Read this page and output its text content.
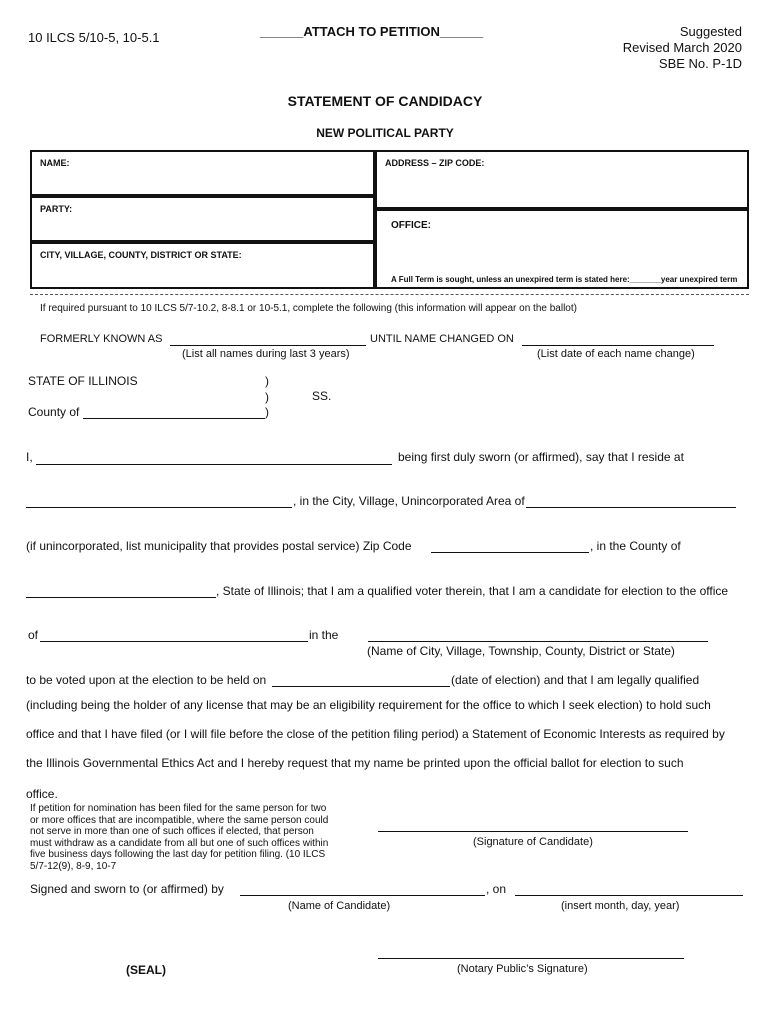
10 ILCS 5/10-5, 10-5.1	______ATTACH TO PETITION______	Suggested
Revised March 2020
SBE No. P-1D
STATEMENT OF CANDIDACY
NEW POLITICAL PARTY
NAME:
PARTY:
CITY, VILLAGE, COUNTY, DISTRICT OR STATE:
ADDRESS – ZIP CODE:
OFFICE:
A Full Term is sought, unless an unexpired term is stated here:_______year unexpired term
If required pursuant to 10 ILCS 5/7-10.2, 8-8.1 or 10-5.1, complete the following (this information will appear on the ballot)
FORMERLY KNOWN AS	UNTIL NAME CHANGED ON
(List all names during last 3 years)	(List date of each name change)
STATE OF ILLINOIS	)
)	SS.
County of	)
I,	being first duly sworn (or affirmed), say that I reside at
, in the City, Village, Unincorporated Area of
(if unincorporated, list municipality that provides postal service) Zip Code	, in the County of
, State of Illinois; that I am a qualified voter therein, that I am a candidate for election to the office
of	in the
(Name of City, Village, Township, County, District or State)
to be voted upon at the election to be held on	(date of election) and that I am legally qualified
(including being the holder of any license that may be an eligibility requirement for the office to which I seek election) to hold such
office and that I have filed (or I will file before the close of the petition filing period) a Statement of Economic Interests as required by
the Illinois Governmental Ethics Act and I hereby request that my name be printed upon the official ballot for election to such
office.
If petition for nomination has been filed for the same person for two
or more offices that are incompatible, where the same person could
not serve in more than one of such offices if elected, that person
must withdraw as a candidate from all but one of such offices within
five business days following the last day for petition filing. (10 ILCS
5/7-12(9), 8-9, 10-7
(Signature of Candidate)
Signed and sworn to (or affirmed) by	, on
(Name of Candidate)	(insert month, day, year)
(SEAL)	(Notary Public’s Signature)
